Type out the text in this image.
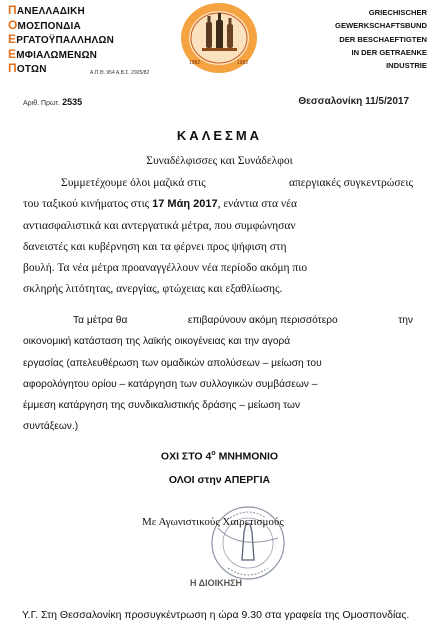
ΠΑΝΕΛΛΑΔΙΚΗ
ΟΜΟΣΠΟΝΔΙΑ
ΕΡΓΑΤΟΫΠΑΛΛΗΛΩΝ
ΕΜΦΙΑΛΩΜΕΝΩΝ
ΠΟΤΩΝ	Α.Π.Θ. 954 Α.Β.Σ. 2925/82
1982	1982
GRIECHISCHER
GEWERKSCHAFTSBUND
DER BESCHAEFTIGTEN
IN DER GETRAENKE
INDUSTRIE
Αριθ. Πρωτ. 2535	Θεσσαλονίκη 11/5/2017
ΚΑΛΕΣΜΑ
Συναδέλφισσες και Συνάδελφοι
Συμμετέχουμε όλοι μαζικά στις	απεργιακές συγκεντρώσεις
του ταξικού κινήματος στις 17 Μάη 2017, ενάντια στα νέα
αντιασφαλιστικά και αντεργατικά μέτρα, που συμφώνησαν
δανειστές και κυβέρνηση και τα φέρνει προς ψήφιση στη
βουλή. Τα νέα μέτρα προαναγγέλλουν νέα περίοδο ακόμη πιο
σκληρής λιτότητας, ανεργίας, φτώχειας και εξαθλίωσης.
Τα μέτρα θα	επιβαρύνουν ακόμη περισσότερο	την
οικονομική κατάσταση της λαϊκής οικογένειας και την αγορά
εργασίας (απελευθέρωση των ομαδικών απολύσεων – μείωση του
αφορολόγητου ορίου – κατάργηση των συλλογικών συμβάσεων –
έμμεση κατάργηση της συνδικαλιστικής δράσης – μείωση των
συντάξεων.)
ΟΧΙ ΣΤΟ $4^o$ ΜΝΗΜΟΝΙΟ
ΟΛΟΙ στην ΑΠΕΡΓΙΑ
Με Αγωνιστικούς Χαιρετισμούς
Η ΔΙΟΙΚΗΣΗ
Υ.Γ. Στη Θεσσαλονίκη προσυγκέντρωση η ώρα 9.30 στα γραφεία της Ομοσπονδίας.
